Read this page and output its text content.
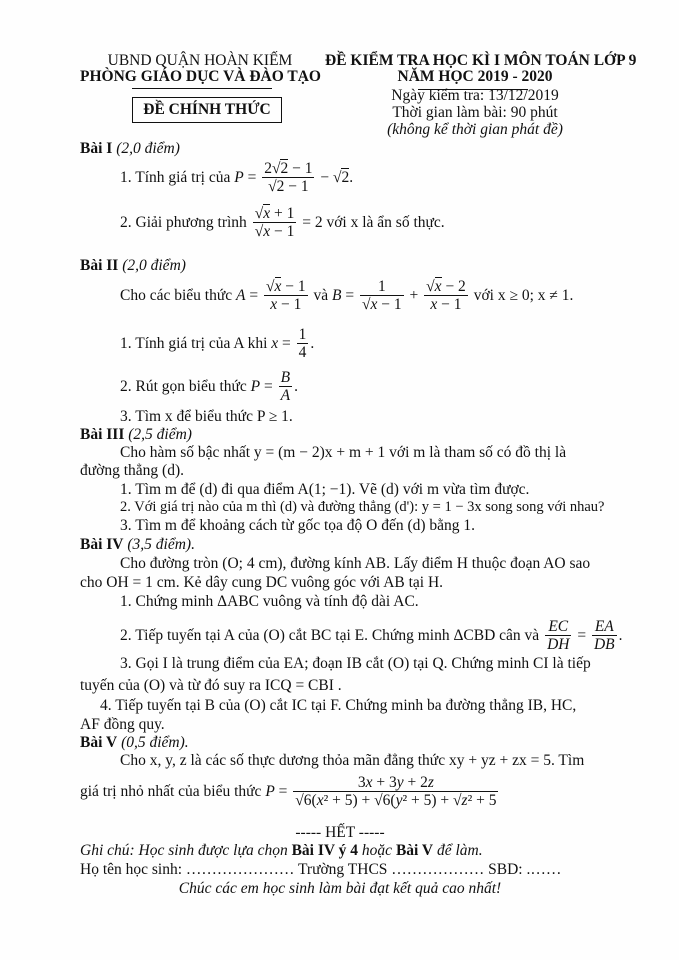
UBND QUẬN HOÀN KIẾM
PHÒNG GIÁO DỤC VÀ ĐÀO TẠO
ĐỀ KIỂM TRA HỌC KÌ I MÔN TOÁN LỚP 9
NĂM HỌC 2019 - 2020
Ngày kiểm tra: 13/12/2019
Thời gian làm bài: 90 phút
(không kể thời gian phát đề)
ĐỀ CHÍNH THỨC
Bài I (2,0 điểm)
1. Tính giá trị của $P = \frac{2√2 - 1}{√2 - 1} - √2$.
2. Giải phương trình $\frac{√x + 1}{√x - 1} = 2$ với x là ẩn số thực.
Bài II (2,0 điểm)
Cho các biểu thức $A = \frac{√x - 1}{x - 1}$ và $B = \frac{1}{√x - 1} + \frac{√x - 2}{x - 1}$ với x ≥ 0; x ≠ 1.
1. Tính giá trị của A khi $x = \frac{1}{4}$ .
2. Rút gọn biểu thức $P = \frac{B}{A}$ .
3. Tìm x để biểu thức P ≥ 1.
Bài III (2,5 điểm)
Cho hàm số bậc nhất y = (m − 2)x + m + 1 với m là tham số có đồ thị là
đường thẳng (d).
1. Tìm m để (d) đi qua điểm A(1; −1). Vẽ (d) với m vừa tìm được.
2. Với giá trị nào của m thì (d) và đường thẳng (d'): y = 1 − 3x song song với nhau?
3. Tìm m để khoảng cách từ gốc tọa độ O đến (d) bằng 1.
Bài IV (3,5 điểm).
Cho đường tròn (O; 4 cm), đường kính AB. Lấy điểm H thuộc đoạn AO sao
cho OH = 1 cm. Kẻ dây cung DC vuông góc với AB tại H.
1. Chứng minh ΔABC vuông và tính độ dài AC.
2. Tiếp tuyến tại A của (O) cắt BC tại E. Chứng minh ΔCBD cân và $\frac{EC}{DH} = \frac{EA}{DB}$ .
3. Gọi I là trung điểm của EA; đoạn IB cắt (O) tại Q. Chứng minh CI là tiếp
tuyến của (O) và từ đó suy ra ICQ = CBI .
4. Tiếp tuyến tại B của (O) cắt IC tại F. Chứng minh ba đường thẳng IB, HC,
AF đồng quy.
Bài V (0,5 điểm).
Cho x, y, z là các số thực dương thỏa mãn đẳng thức xy + yz + zx = 5. Tìm
giá trị nhỏ nhất của biểu thức $P = \frac{3x + 3y + 2z}{\text{√6(x² + 5) + √6(y² + 5) + √z² + 5}}$
----- HẾT -----
Ghi chú: Học sinh được lựa chọn Bài IV ý 4 hoặc Bài V để làm.
Họ tên học sinh: ………………… Trường THCS ……………… SBD: .……
Chúc các em học sinh làm bài đạt kết quả cao nhất!
